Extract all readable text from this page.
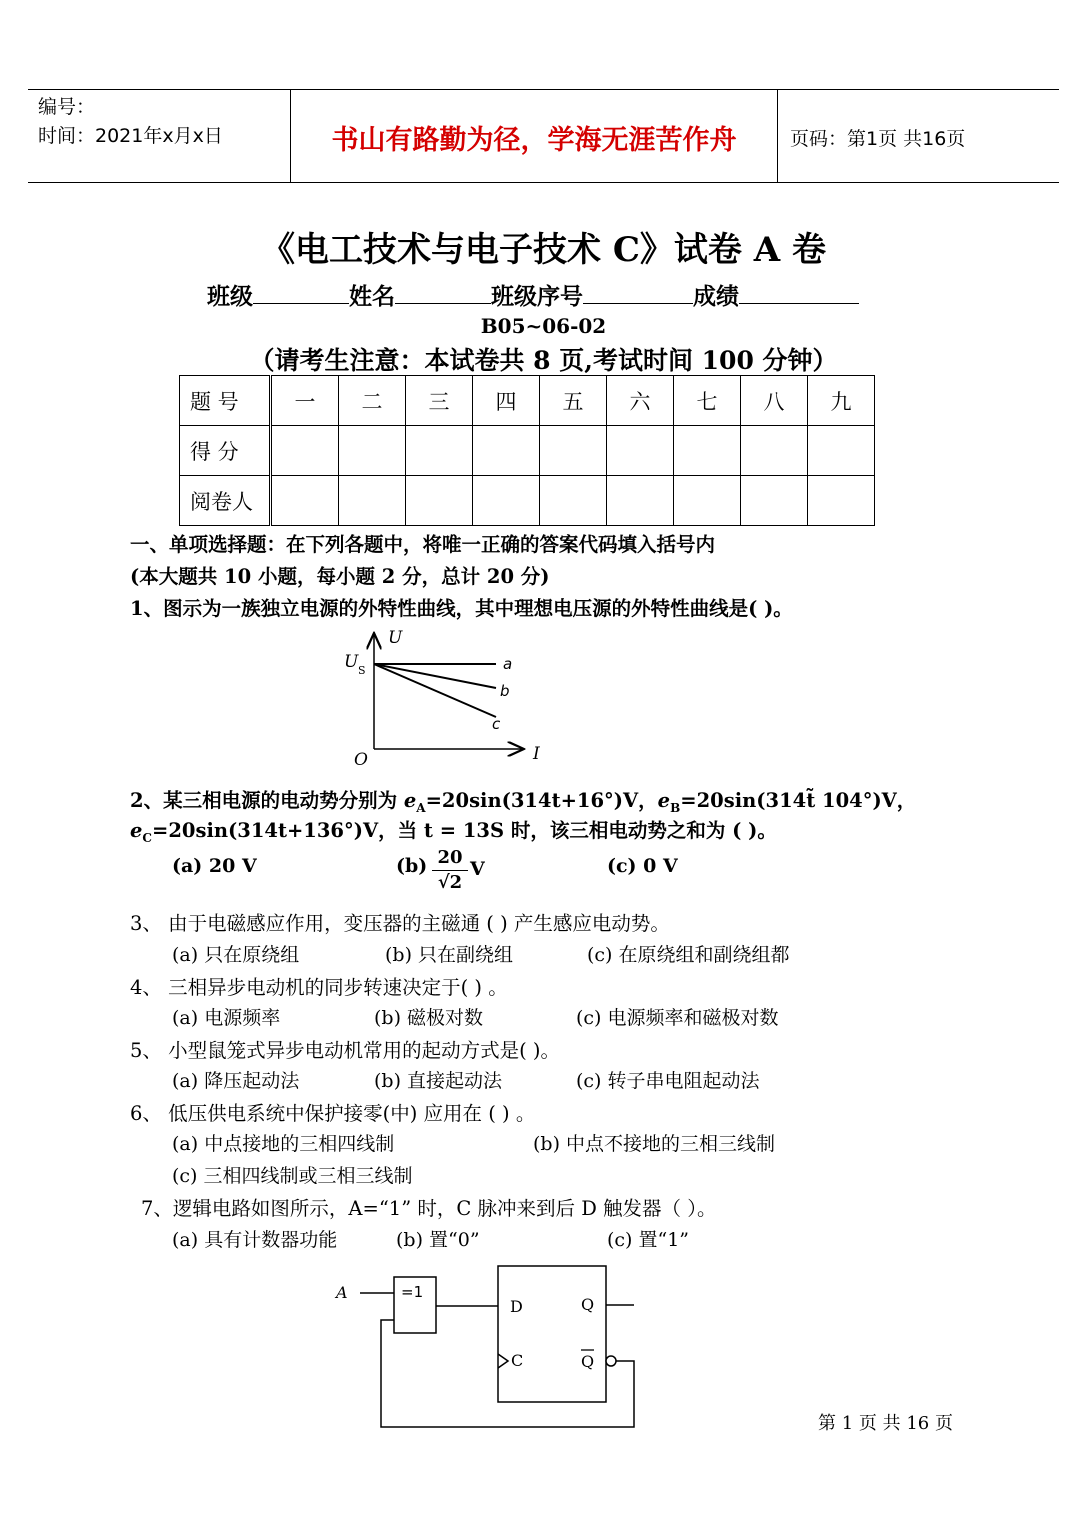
编号：
时间：2021年x月x日	书山有路勤为径，学海无涯苦作舟	页码：第1页 共16页
《电工技术与电子技术 C》试卷 A 卷
班级	姓名	班级序号	成绩
B05~06-02
（请考生注意：本试卷共 8 页,考试时间 100 分钟）
题 号	一	二	三	四	五	六	七	八	九
得 分									
阅卷人									
一、单项选择题：在下列各题中，将唯一正确的答案代码填入括号内
(本大题共 10 小题，每小题 2 分，总计 20 分)
1、图示为一族独立电源的外特性曲线，其中理想电压源的外特性曲线是( )。
U
I
O
U S	a
b
c
2、某三相电源的电动势分别为 $e_A=20\sin(314t+16^\circ)V$，$e_B=20\sin(314t̃$ 104°)V，
$e_C=20\sin(314t+136^\circ)V$，当 t = 13S 时，该三相电动势之和为 ( )。
(a) 20 V	$(b) \frac{20}{√2}$ V	(c) 0 V
3、 由于电磁感应作用，变压器的主磁通 ( ) 产生感应电动势。
(a) 只在原绕组	(b) 只在副绕组	(c) 在原绕组和副绕组都
4、 三相异步电动机的同步转速决定于( ) 。
(a) 电源频率	(b) 磁极对数	(c) 电源频率和磁极对数
5、 小型鼠笼式异步电动机常用的起动方式是( )。
(a) 降压起动法	(b) 直接起动法	(c) 转子串电阻起动法
6、 低压供电系统中保护接零(中) 应用在 ( ) 。
(a) 中点接地的三相四线制	(b) 中点不接地的三相三线制
(c) 三相四线制或三相三线制
7、逻辑电路如图所示，A=“1” 时，C 脉冲来到后 D 触发器（ ）。
(a) 具有计数器功能	(b) 置“0”	(c) 置“1”
A	=1
D
C
Q
Q
第 1 页 共 16 页
